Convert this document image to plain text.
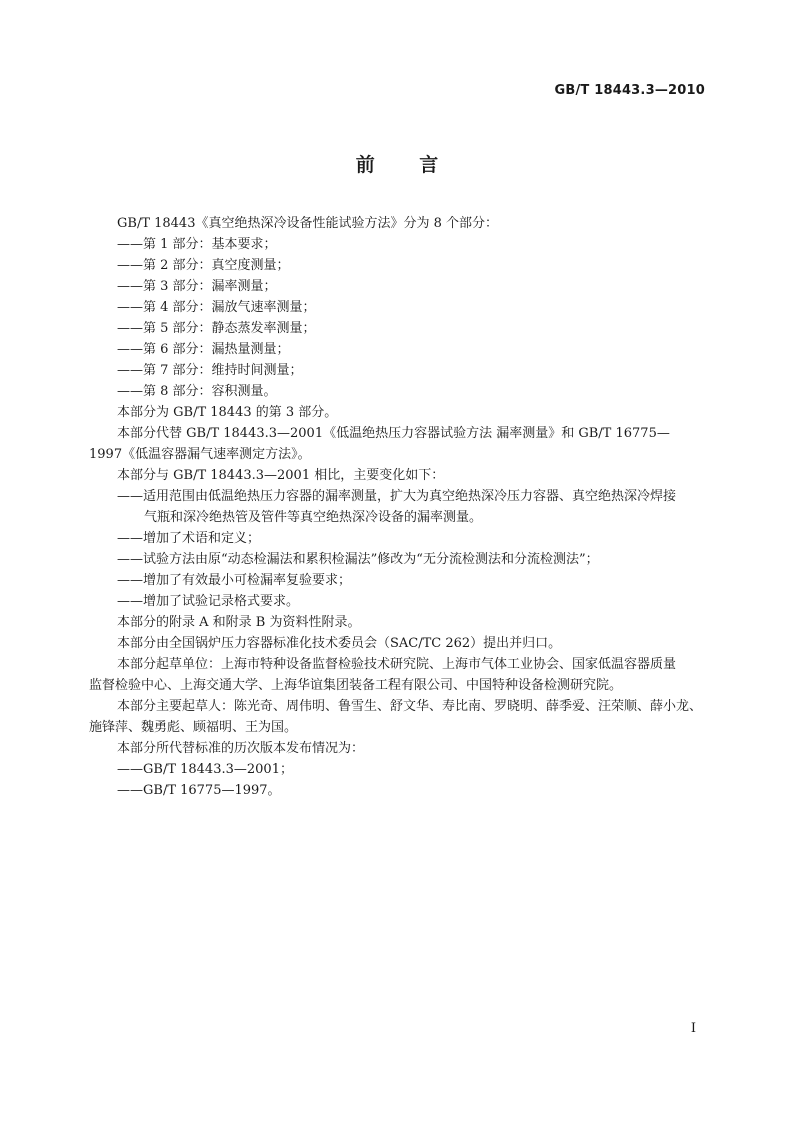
GB/T 18443.3—2010
前 言

GB/T 18443《真空绝热深冷设备性能试验方法》分为 8 个部分：

——第 1 部分：基本要求；

——第 2 部分：真空度测量；

——第 3 部分：漏率测量；

——第 4 部分：漏放气速率测量；

——第 5 部分：静态蒸发率测量；

——第 6 部分：漏热量测量；

——第 7 部分：维持时间测量；

——第 8 部分：容积测量。

本部分为 GB/T 18443 的第 3 部分。

本部分代替 GB/T 18443.3—2001《低温绝热压力容器试验方法 漏率测量》和 GB/T 16775—

1997《低温容器漏气速率测定方法》。

本部分与 GB/T 18443.3—2001 相比，主要变化如下：

——适用范围由低温绝热压力容器的漏率测量，扩大为真空绝热深冷压力容器、真空绝热深冷焊接

气瓶和深冷绝热管及管件等真空绝热深冷设备的漏率测量。

——增加了术语和定义；

——试验方法由原“动态检漏法和累积检漏法”修改为“无分流检测法和分流检测法”；

——增加了有效最小可检漏率复验要求；

——增加了试验记录格式要求。

本部分的附录 A 和附录 B 为资料性附录。

本部分由全国锅炉压力容器标准化技术委员会（SAC/TC 262）提出并归口。

本部分起草单位：上海市特种设备监督检验技术研究院、上海市气体工业协会、国家低温容器质量

监督检验中心、上海交通大学、上海华谊集团装备工程有限公司、中国特种设备检测研究院。

本部分主要起草人：陈光奇、周伟明、鲁雪生、舒文华、寿比南、罗晓明、薛季爱、汪荣顺、薛小龙、

施锋萍、魏勇彪、顾福明、王为国。

本部分所代替标准的历次版本发布情况为：

——GB/T 18443.3—2001；

——GB/T 16775—1997。

I
